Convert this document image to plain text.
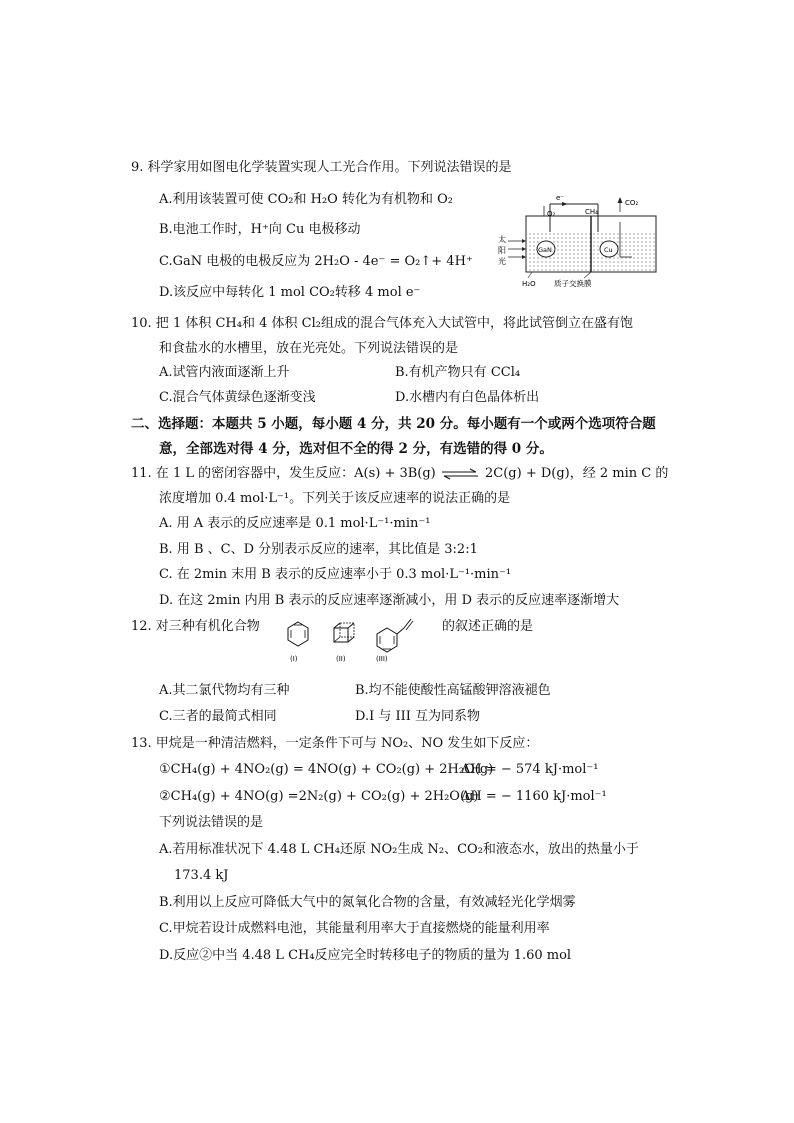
9. 科学家用如图电化学装置实现人工光合作用。下列说法错误的是
A.利用该装置可使 CO₂和 H₂O 转化为有机物和 O₂
B.电池工作时，H⁺向 Cu 电极移动
C.GaN 电极的电极反应为 2H₂O - 4e⁻ = O₂↑+ 4H⁺
D.该反应中每转化 1 mol CO₂转移 4 mol e⁻
e⁻
O₂	CH₄
CO₂
GaN	Cu
太
阳
光
H₂O 质子交换膜
10. 把 1 体积 CH₄和 4 体积 Cl₂组成的混合气体充入大试管中，将此试管倒立在盛有饱
和食盐水的水槽里，放在光亮处。下列说法错误的是
A.试管内液面逐渐上升	B.有机产物只有 CCl₄
C.混合气体黄绿色逐渐变浅	D.水槽内有白色晶体析出
二、选择题：本题共 5 小题，每小题 4 分，共 20 分。每小题有一个或两个选项符合题
意，全部选对得 4 分，选对但不全的得 2 分，有选错的得 0 分。
11. 在 1 L 的密闭容器中，发生反应：A(s) + 3B(g) ⇌ 2C(g) + D(g)，经 2 min C 的
浓度增加 0.4 mol·L⁻¹。下列关于该反应速率的说法正确的是
A. 用 A 表示的反应速率是 0.1 mol·L⁻¹·min⁻¹
B. 用 B 、C、D 分别表示反应的速率，其比值是 3:2:1
C. 在 2min 末用 B 表示的反应速率小于 0.3 mol·L⁻¹·min⁻¹
D. 在这 2min 内用 B 表示的反应速率逐渐减小，用 D 表示的反应速率逐渐增大
12. 对三种有机化合物
(I)	(II)	(III)
的叙述正确的是
A.其二氯代物均有三种	B.均不能使酸性高锰酸钾溶液褪色
C.三者的最简式相同	D.I 与 III 互为同系物
13. 甲烷是一种清洁燃料，一定条件下可与 NO₂、NO 发生如下反应：
①CH₄(g) + 4NO₂(g) = 4NO(g) + CO₂(g) + 2H₂O(g)
ΔH = − 574 kJ·mol⁻¹
②CH₄(g) + 4NO(g) =2N₂(g) + CO₂(g) + 2H₂O(g)
ΔH = − 1160 kJ·mol⁻¹
下列说法错误的是
A.若用标准状况下 4.48 L CH₄还原 NO₂生成 N₂、CO₂和液态水，放出的热量小于
173.4 kJ
B.利用以上反应可降低大气中的氮氧化合物的含量，有效减轻光化学烟雾
C.甲烷若设计成燃料电池，其能量利用率大于直接燃烧的能量利用率
D.反应②中当 4.48 L CH₄反应完全时转移电子的物质的量为 1.60 mol
